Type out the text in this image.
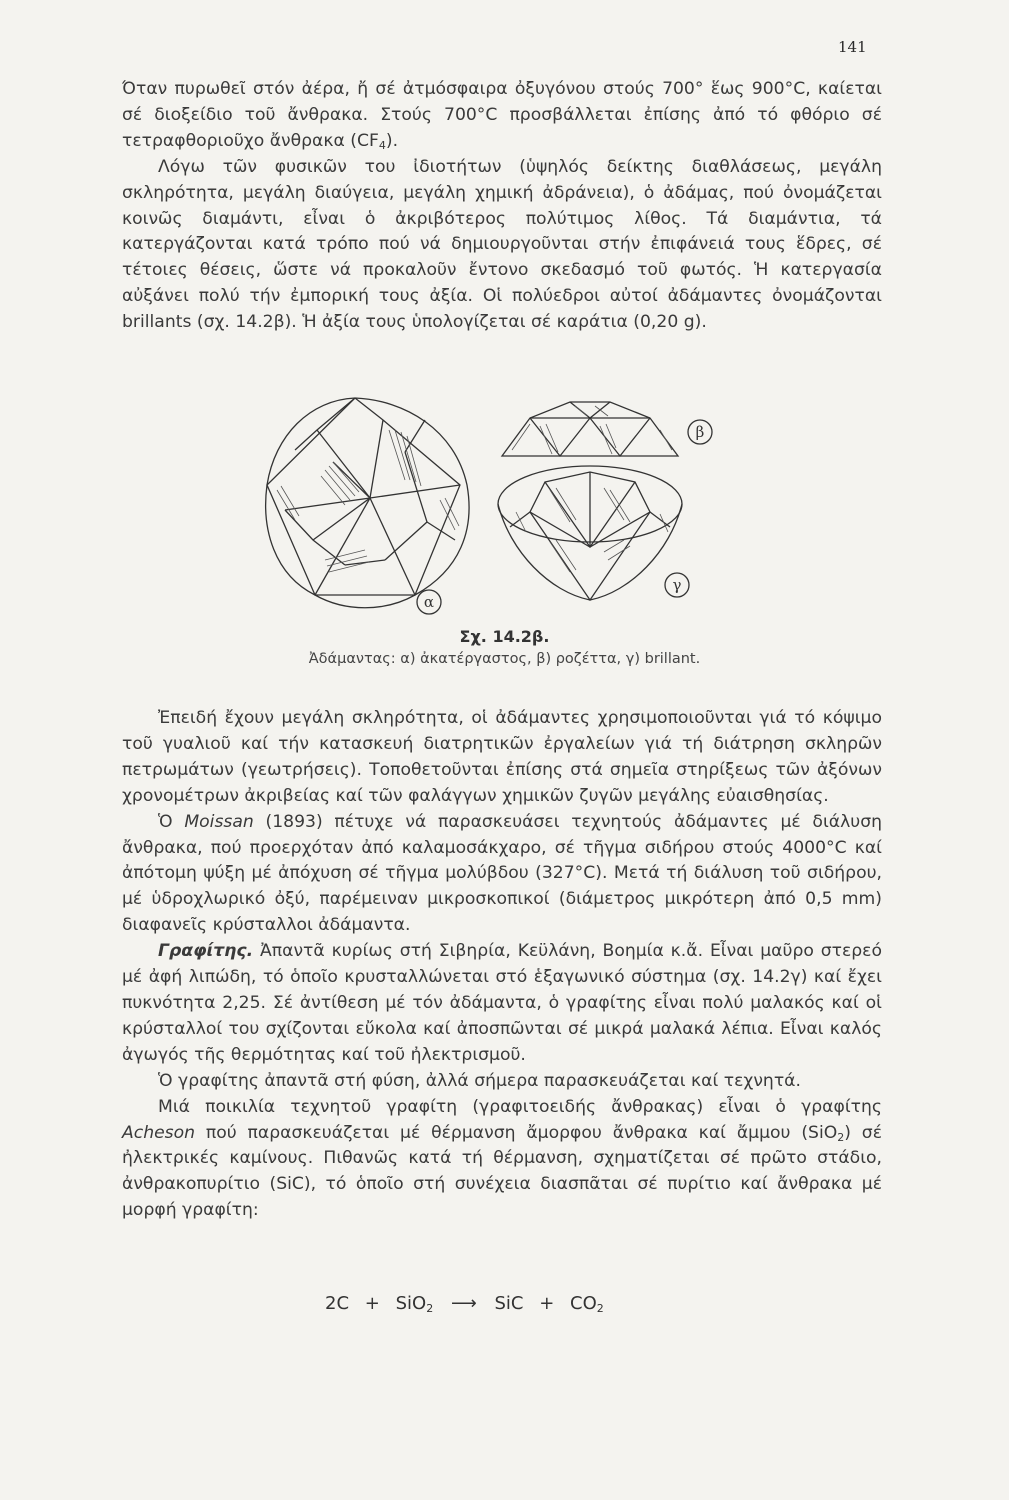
141

Όταν πυρωθεῖ στόν ἀέρα, ἤ σέ ἀτμόσφαιρα ὀξυγόνου στούς 700° ἕως 900°C, καίεται σέ διοξείδιο τοῦ ἄνθρακα. Στούς 700°C προσβάλλεται ἐπίσης ἀπό τό φθόριο σέ τετραφθοριοῦχο ἄνθρακα $(CF_4)$.

Λόγω τῶν φυσικῶν του ἰδιοτήτων (ὑψηλός δείκτης διαθλάσεως, μεγάλη σκληρότητα, μεγάλη διαύγεια, μεγάλη χημική ἀδράνεια), ὁ ἀδάμας, πού ὀνομάζεται κοινῶς διαμάντι, εἶναι ὁ ἀκριβότερος πολύτιμος λίθος. Τά διαμάντια, τά κατεργάζονται κατά τρόπο πού νά δημιουργοῦνται στήν ἐπιφάνειά τους ἕδρες, σέ τέτοιες θέσεις, ὥστε νά προκαλοῦν ἔντονο σκεδασμό τοῦ φωτός. Ἡ κατεργασία αὐξάνει πολύ τήν ἐμπορική τους ἀξία. Οἱ πολύεδροι αὐτοί ἀδάμαντες ὀνομάζονται brillants (σχ. 14.2β). Ἡ ἀξία τους ὑπολογίζεται σέ καράτια (0,20 g).

α
β
γ
Σχ. 14.2β.
Ἀδάμαντας: α) ἀκατέργαστος, β) ροζέττα, γ) brillant.

Ἐπειδή ἔχουν μεγάλη σκληρότητα, οἱ ἀδάμαντες χρησιμοποιοῦνται γιά τό κόψιμο τοῦ γυαλιοῦ καί τήν κατασκευή διατρητικῶν ἐργαλείων γιά τή διάτρηση σκληρῶν πετρωμάτων (γεωτρήσεις). Τοποθετοῦνται ἐπίσης στά σημεῖα στηρίξεως τῶν ἀξόνων χρονομέτρων ἀκριβείας καί τῶν φαλάγγων χημικῶν ζυγῶν μεγάλης εὐαισθησίας.

Ὁ Moissan (1893) πέτυχε νά παρασκευάσει τεχνητούς ἀδάμαντες μέ διάλυση ἄνθρακα, πού προερχόταν ἀπό καλαμοσάκχαρο, σέ τῆγμα σιδήρου στούς 4000°C καί ἀπότομη ψύξη μέ ἀπόχυση σέ τῆγμα μολύβδου (327°C). Μετά τή διάλυση τοῦ σιδήρου, μέ ὑδροχλωρικό ὀξύ, παρέμειναν μικροσκοπικοί (διάμετρος μικρότερη ἀπό 0,5 mm) διαφανεῖς κρύσταλλοι ἀδάμαντα.

Γραφίτης. Ἀπαντᾶ κυρίως στή Σιβηρία, Κεϋλάνη, Βοημία κ.ἄ. Εἶναι μαῦρο στερεό μέ ἀφή λιπώδη, τό ὁποῖο κρυσταλλώνεται στό ἑξαγωνικό σύστημα (σχ. 14.2γ) καί ἔχει πυκνότητα 2,25. Σέ ἀντίθεση μέ τόν ἀδάμαντα, ὁ γραφίτης εἶναι πολύ μαλακός καί οἱ κρύσταλλοί του σχίζονται εὔκολα καί ἀποσπῶνται σέ μικρά μαλακά λέπια. Εἶναι καλός ἀγωγός τῆς θερμότητας καί τοῦ ἠλεκτρισμοῦ.

Ὁ γραφίτης ἀπαντᾶ στή φύση, ἀλλά σήμερα παρασκευάζεται καί τεχνητά.

Μιά ποικιλία τεχνητοῦ γραφίτη (γραφιτοειδής ἄνθρακας) εἶναι ὁ γραφίτης Acheson πού παρασκευάζεται μέ θέρμανση ἄμορφου ἄνθρακα καί ἄμμου (SiO$_2$) σέ ἠλεκτρικές καμίνους. Πιθανῶς κατά τή θέρμανση, σχηματίζεται σέ πρῶτο στάδιο, ἀνθρακοπυρίτιο (SiC), τό ὁποῖο στή συνέχεια διασπᾶται σέ πυρίτιο καί ἄνθρακα μέ μορφή γραφίτη:

2C + SiO$_2$ ⟶ SiC + $CO_2$
